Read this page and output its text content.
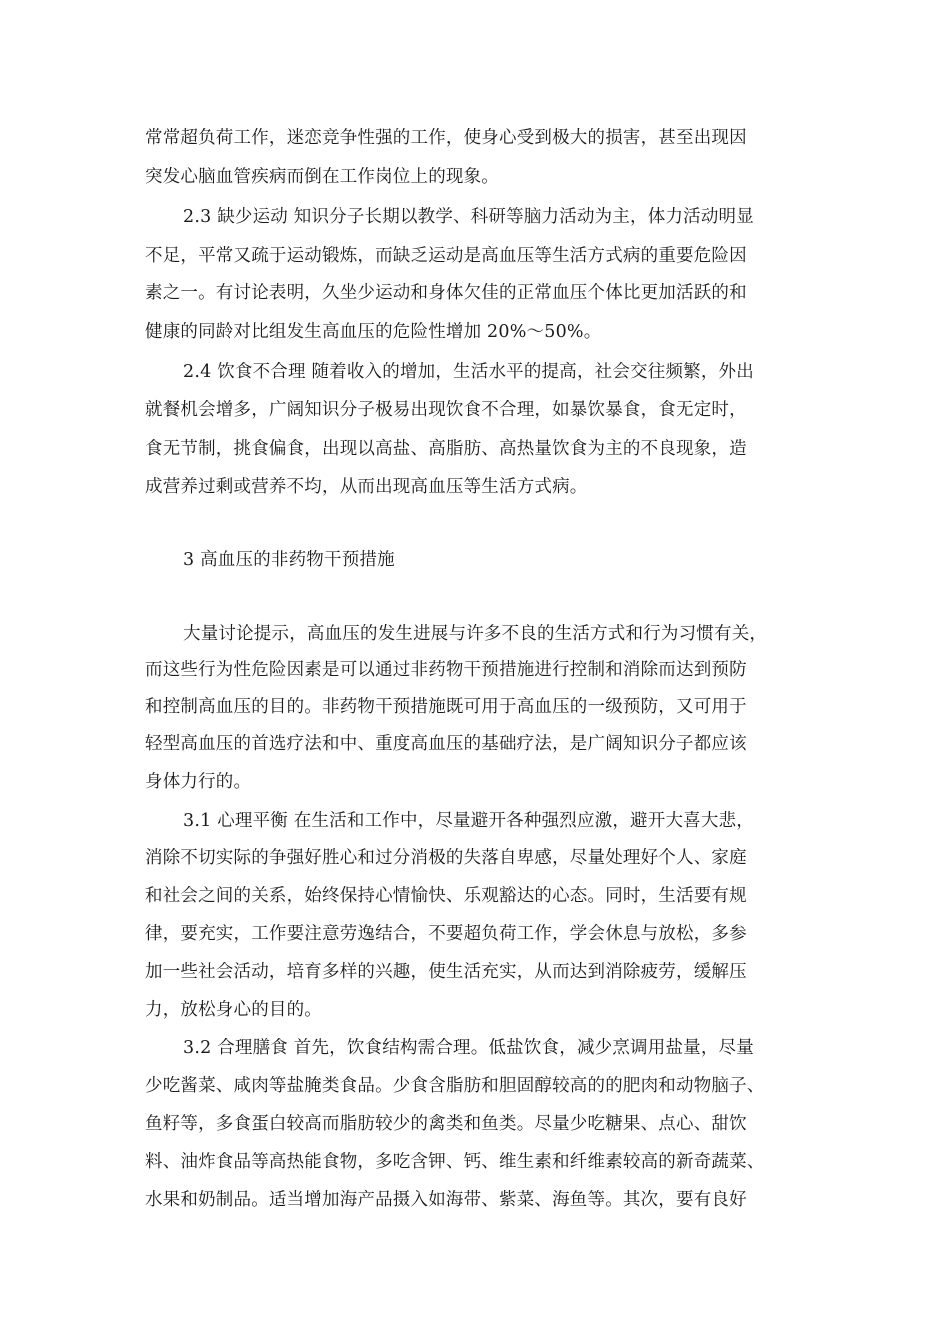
常常超负荷工作，迷恋竞争性强的工作，使身心受到极大的损害，甚至出现因
突发心脑血管疾病而倒在工作岗位上的现象。
2.3 缺少运动 知识分子长期以教学、科研等脑力活动为主，体力活动明显
不足，平常又疏于运动锻炼，而缺乏运动是高血压等生活方式病的重要危险因
素之一。有讨论表明，久坐少运动和身体欠佳的正常血压个体比更加活跃的和
健康的同龄对比组发生高血压的危险性增加 20%～50%。
2.4 饮食不合理 随着收入的增加，生活水平的提高，社会交往频繁，外出
就餐机会增多，广阔知识分子极易出现饮食不合理，如暴饮暴食，食无定时，
食无节制，挑食偏食，出现以高盐、高脂肪、高热量饮食为主的不良现象，造
成营养过剩或营养不均，从而出现高血压等生活方式病。
3 高血压的非药物干预措施
大量讨论提示，高血压的发生进展与许多不良的生活方式和行为习惯有关，
而这些行为性危险因素是可以通过非药物干预措施进行控制和消除而达到预防
和控制高血压的目的。非药物干预措施既可用于高血压的一级预防，又可用于
轻型高血压的首选疗法和中、重度高血压的基础疗法，是广阔知识分子都应该
身体力行的。
3.1 心理平衡 在生活和工作中，尽量避开各种强烈应激，避开大喜大悲，
消除不切实际的争强好胜心和过分消极的失落自卑感，尽量处理好个人、家庭
和社会之间的关系，始终保持心情愉快、乐观豁达的心态。同时，生活要有规
律，要充实，工作要注意劳逸结合，不要超负荷工作，学会休息与放松，多参
加一些社会活动，培育多样的兴趣，使生活充实，从而达到消除疲劳，缓解压
力，放松身心的目的。
3.2 合理膳食 首先，饮食结构需合理。低盐饮食，减少烹调用盐量，尽量
少吃酱菜、咸肉等盐腌类食品。少食含脂肪和胆固醇较高的的肥肉和动物脑子、
鱼籽等，多食蛋白较高而脂肪较少的禽类和鱼类。尽量少吃糖果、点心、甜饮
料、油炸食品等高热能食物，多吃含钾、钙、维生素和纤维素较高的新奇蔬菜、
水果和奶制品。适当增加海产品摄入如海带、紫菜、海鱼等。其次，要有良好
